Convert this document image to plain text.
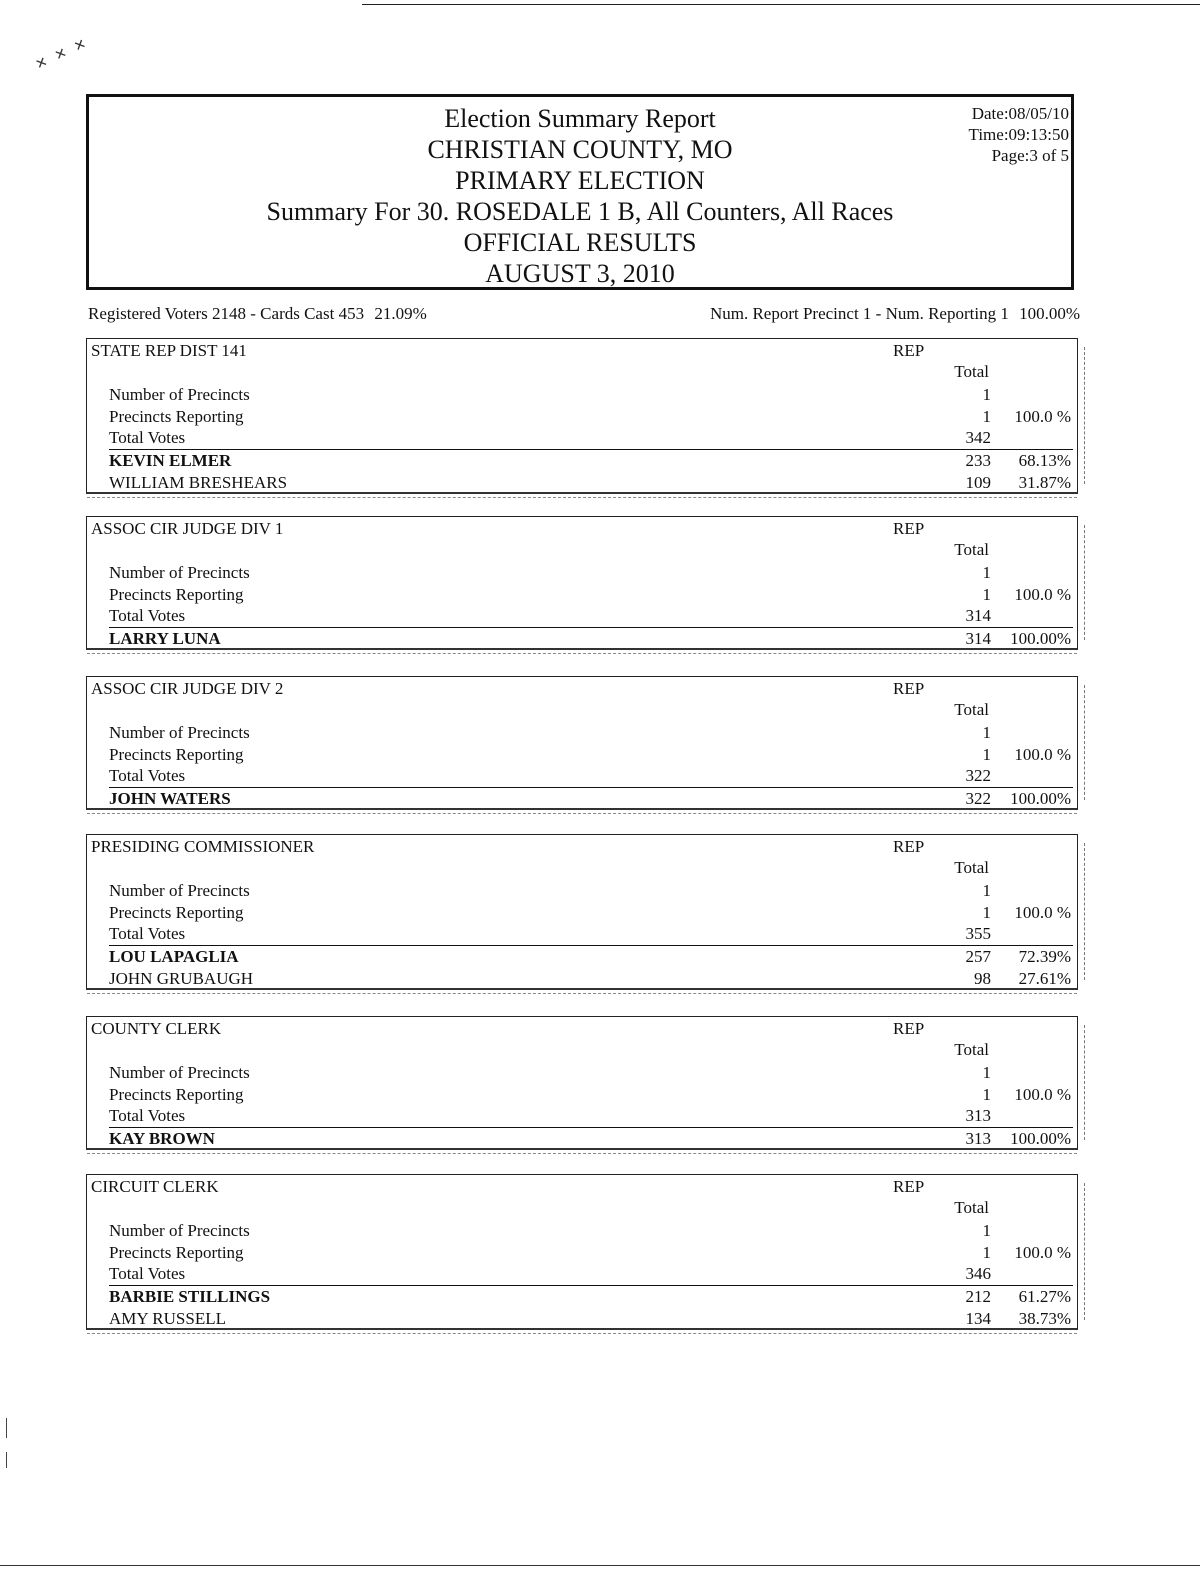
✕ ✕ ✕
Election Summary Report
CHRISTIAN COUNTY, MO
PRIMARY ELECTION
Summary For 30. ROSEDALE 1 B, All Counters, All Races
OFFICIAL RESULTS
AUGUST 3, 2010
Date:08/05/10
Time:09:13:50
Page:3 of 5
Registered Voters 2148 - Cards Cast 453 21.09%	Num. Report Precinct 1 - Num. Reporting 1 100.00%
STATE REP DIST 141	REP
Total
Number of Precincts	1
Precincts Reporting	1 100.0 %
Total Votes	342
KEVIN ELMER	233 68.13%
WILLIAM BRESHEARS	109 31.87%
ASSOC CIR JUDGE DIV 1	REP
Total
Number of Precincts	1
Precincts Reporting	1 100.0 %
Total Votes	314
LARRY LUNA	314 100.00%
ASSOC CIR JUDGE DIV 2	REP
Total
Number of Precincts	1
Precincts Reporting	1 100.0 %
Total Votes	322
JOHN WATERS	322 100.00%
PRESIDING COMMISSIONER	REP
Total
Number of Precincts	1
Precincts Reporting	1 100.0 %
Total Votes	355
LOU LAPAGLIA	257 72.39%
JOHN GRUBAUGH	98 27.61%
COUNTY CLERK	REP
Total
Number of Precincts	1
Precincts Reporting	1 100.0 %
Total Votes	313
KAY BROWN	313 100.00%
CIRCUIT CLERK	REP
Total
Number of Precincts	1
Precincts Reporting	1 100.0 %
Total Votes	346
BARBIE STILLINGS	212 61.27%
AMY RUSSELL	134 38.73%
